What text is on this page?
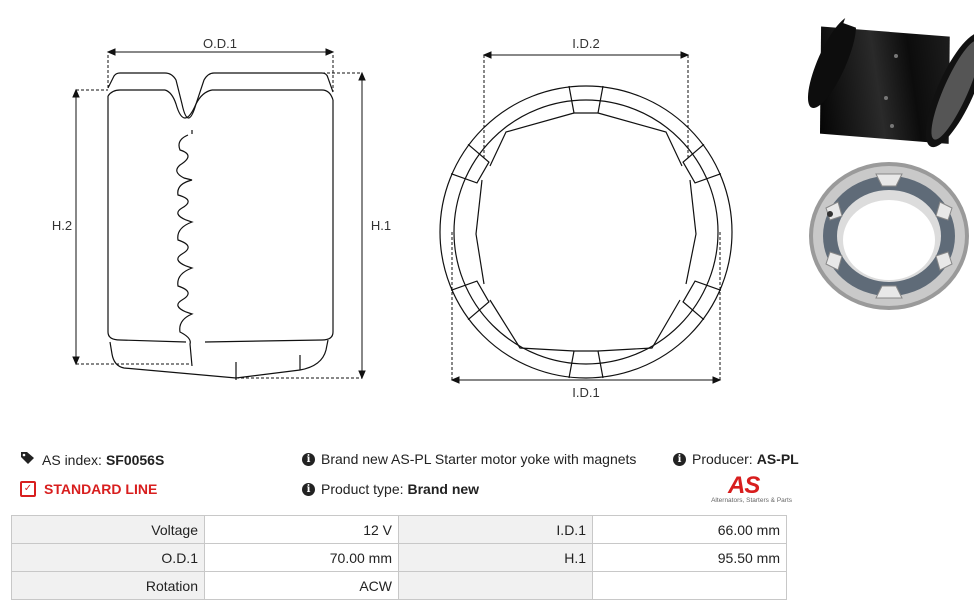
O.D.1
H.2	H.1
I.D.2
I.D.1
AS index: SF0056S
✓ STANDARD LINE
i Brand new AS-PL Starter motor yoke with magnets
i Product type: Brand new
i Producer: AS-PL
AS
Alternators, Starters & Parts
Voltage	12 V	I.D.1	66.00 mm
O.D.1	70.00 mm	H.1	95.50 mm
Rotation	ACW		
